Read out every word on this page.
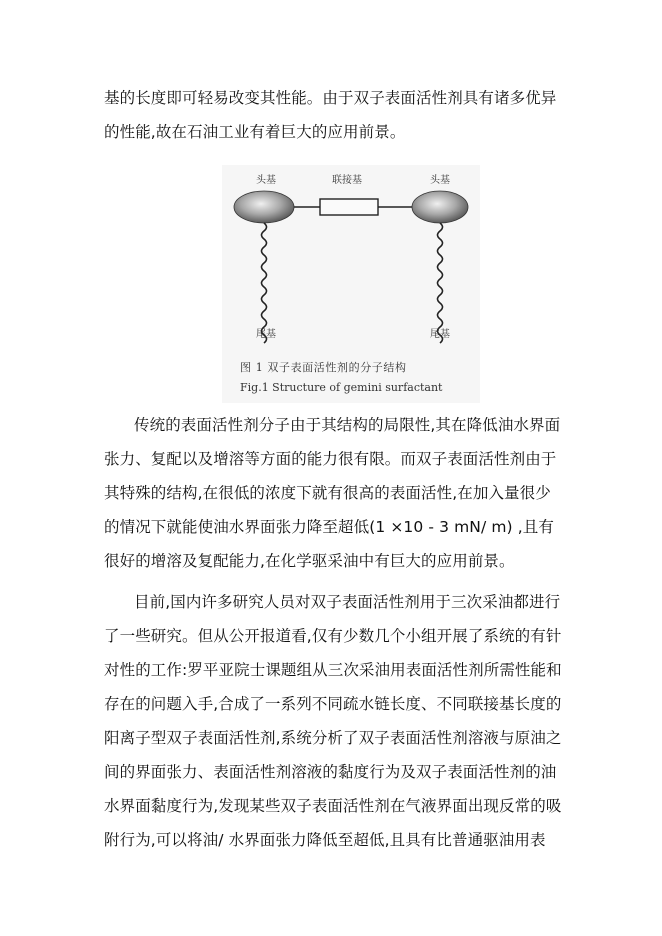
基的长度即可轻易改变其性能。由于双子表面活性剂具有诸多优异
的性能,故在石油工业有着巨大的应用前景。
头基	联接基	头基
尾基	尾基
图 1 双子表面活性剂的分子结构
Fig.1 Structure of gemini surfactant
传统的表面活性剂分子由于其结构的局限性,其在降低油水界面
张力、复配以及增溶等方面的能力很有限。而双子表面活性剂由于
其特殊的结构,在很低的浓度下就有很高的表面活性,在加入量很少
的情况下就能使油水界面张力降至超低(1 ×10 - 3 mN/ m) ,且有
很好的增溶及复配能力,在化学驱采油中有巨大的应用前景。
目前,国内许多研究人员对双子表面活性剂用于三次采油都进行
了一些研究。但从公开报道看,仅有少数几个小组开展了系统的有针
对性的工作:罗平亚院士课题组从三次采油用表面活性剂所需性能和
存在的问题入手,合成了一系列不同疏水链长度、不同联接基长度的
阳离子型双子表面活性剂,系统分析了双子表面活性剂溶液与原油之
间的界面张力、表面活性剂溶液的黏度行为及双子表面活性剂的油
水界面黏度行为,发现某些双子表面活性剂在气液界面出现反常的吸
附行为,可以将油/ 水界面张力降低至超低,且具有比普通驱油用表
